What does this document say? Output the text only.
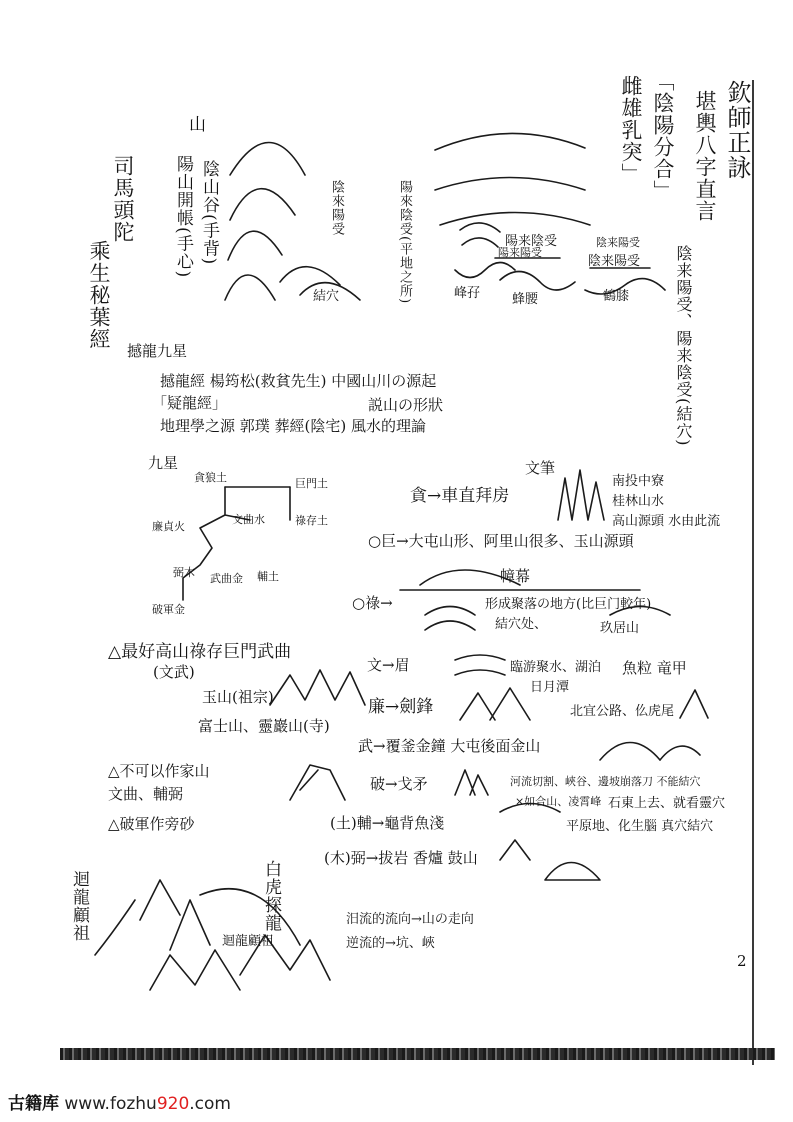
欽師正詠
堪輿八字直言
「陰陽分合」
雌雄乳突」
陰来陽受、陽来陰受(結穴)
司馬頭陀
乘生秘葉經
山
陽山開帳(手心) 陰山谷(手背)	陰來陽受	陽來陰受(平地之所)
結穴	峰孖
陽来陰受
蜂腰
陰来陽受
鶴膝
陽来陽受
陰来陽受
撼龍九星
撼龍經 楊筠松(救貧先生) 中國山川の源起
「疑龍經」	説山の形狀
地理學之源 郭璞 葬經(陰宅) 風水的理論
九星
貪狼土	巨門土
祿存土
文曲水
廉貞火
武曲金 輔土
弼木
破軍金
貪→車直拜房
文筆
南投中寮
桂林山水
高山源頭 水由此流
○巨→大屯山形、阿里山很多、玉山源頭
幛幕
○祿→	形成聚落の地方(比巨门較年)
結穴处、	玖居山
△最好高山祿存巨門武曲
(文武)	文→眉	臨游聚水、湖泊 魚粒 竜甲
日月潭
玉山(祖宗)	廉→劍鋒	北宜公路、仫虎尾
富士山、靈巖山(寺)
武→覆釜金鐘 大屯後面金山
△不可以作家山
文曲、輔弼
破→戈矛	河流切割、峽谷、邊坡崩落刀 不能結穴
×如合山、凌霄峰 石東上去、就看靈穴
△破軍作旁砂	(土)輔→龜背魚淺	平原地、化生腦 真穴結穴
(木)弼→拔岩 香爐 鼓山
迴龍顧祖	白虎探龍
迴龍顧祖
汨流的流向→山の走向
逆流的→坑、峽
2
古籍库 www.fozhu920.com
